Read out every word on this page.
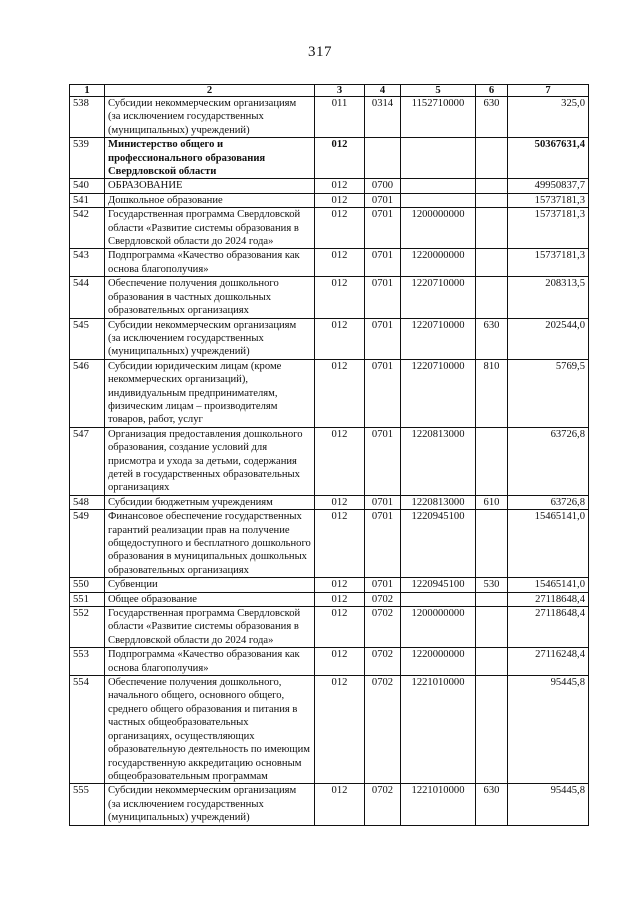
317
1	2	3	4	5	6	7
538	Субсидии некоммерческим организациям (за исключением государственных (муниципальных) учреждений)	011	0314	1152710000	630	325,0
539	Министерство общего и профессионального образования Свердловской области	012				50367631,4
540	ОБРАЗОВАНИЕ	012	0700			49950837,7
541	Дошкольное образование	012	0701			15737181,3
542	Государственная программа Свердловской области «Развитие системы образования в Свердловской области до 2024 года»	012	0701	1200000000		15737181,3
543	Подпрограмма «Качество образования как основа благополучия»	012	0701	1220000000		15737181,3
544	Обеспечение получения дошкольного образования в частных дошкольных образовательных организациях	012	0701	1220710000		208313,5
545	Субсидии некоммерческим организациям (за исключением государственных (муниципальных) учреждений)	012	0701	1220710000	630	202544,0
546	Субсидии юридическим лицам (кроме некоммерческих организаций), индивидуальным предпринимателям, физическим лицам – производителям товаров, работ, услуг	012	0701	1220710000	810	5769,5
547	Организация предоставления дошкольного образования, создание условий для присмотра и ухода за детьми, содержания детей в государственных образовательных организациях	012	0701	1220813000		63726,8
548	Субсидии бюджетным учреждениям	012	0701	1220813000	610	63726,8
549	Финансовое обеспечение государственных гарантий реализации прав на получение общедоступного и бесплатного дошкольного образования в муниципальных дошкольных образовательных организациях	012	0701	1220945100		15465141,0
550	Субвенции	012	0701	1220945100	530	15465141,0
551	Общее образование	012	0702			27118648,4
552	Государственная программа Свердловской области «Развитие системы образования в Свердловской области до 2024 года»	012	0702	1200000000		27118648,4
553	Подпрограмма «Качество образования как основа благополучия»	012	0702	1220000000		27116248,4
554	Обеспечение получения дошкольного, начального общего, основного общего, среднего общего образования и питания в частных общеобразовательных организациях, осуществляющих образовательную деятельность по имеющим государственную аккредитацию основным общеобразовательным программам	012	0702	1221010000		95445,8
555	Субсидии некоммерческим организациям (за исключением государственных (муниципальных) учреждений)	012	0702	1221010000	630	95445,8
